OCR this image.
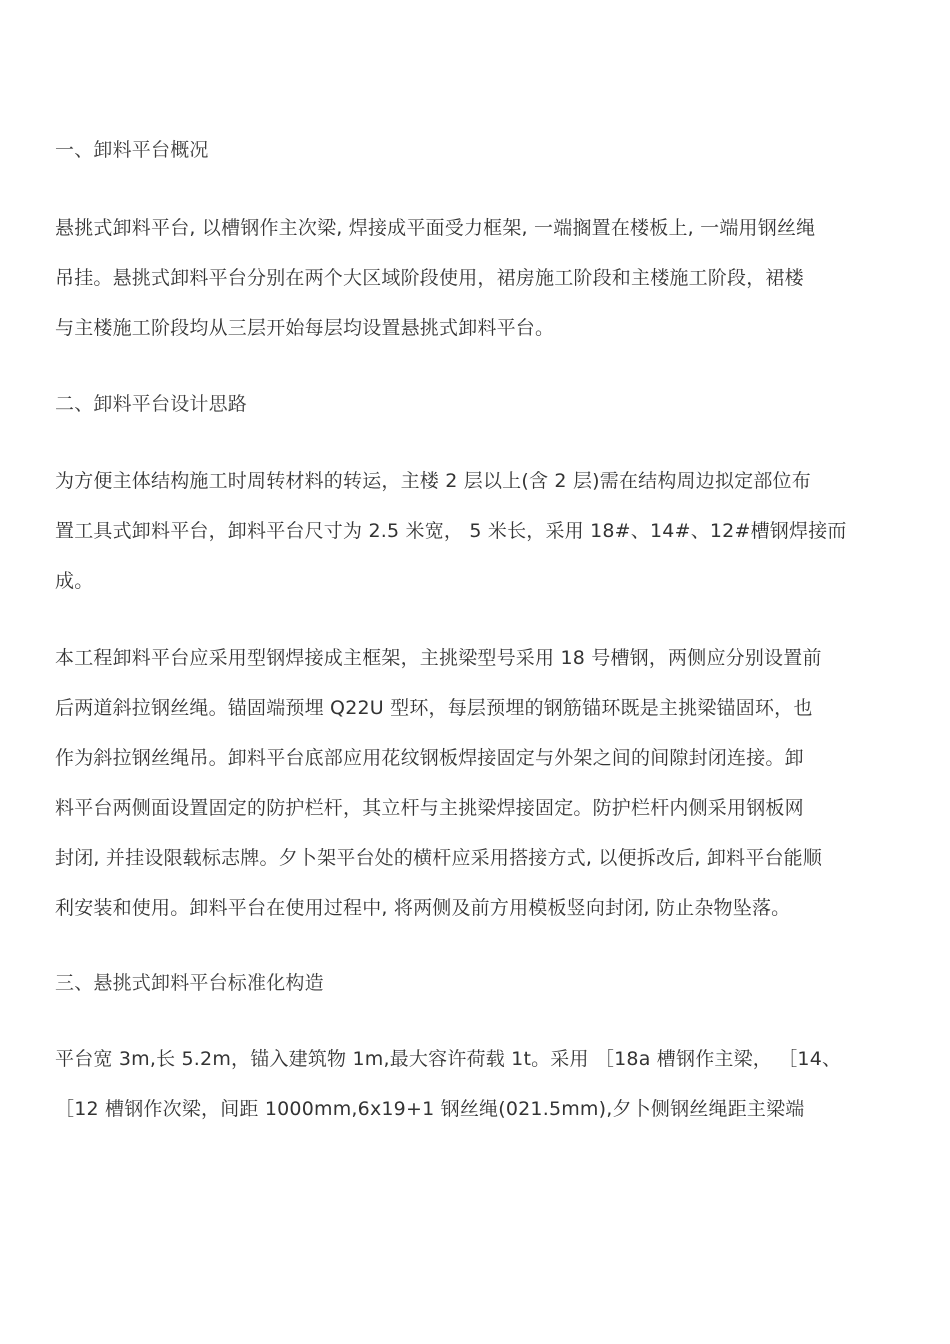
一、卸料平台概况
悬挑式卸料平台, 以槽钢作主次梁, 焊接成平面受力框架, 一端搁置在楼板上, 一端用钢丝绳
吊挂。悬挑式卸料平台分别在两个大区域阶段使用，裙房施工阶段和主楼施工阶段，裙楼
与主楼施工阶段均从三层开始每层均设置悬挑式卸料平台。
二、卸料平台设计思路
为方便主体结构施工时周转材料的转运，主楼 2 层以上(含 2 层)需在结构周边拟定部位布
置工具式卸料平台，卸料平台尺寸为 2.5 米宽， 5 米长，采用 18#、14#、12#槽钢焊接而
成。
本工程卸料平台应采用型钢焊接成主框架，主挑梁型号采用 18 号槽钢，两侧应分别设置前
后两道斜拉钢丝绳。锚固端预埋 Q22U 型环，每层预埋的钢筋锚环既是主挑梁锚固环，也
作为斜拉钢丝绳吊。卸料平台底部应用花纹钢板焊接固定与外架之间的间隙封闭连接。卸
料平台两侧面设置固定的防护栏杆，其立杆与主挑梁焊接固定。防护栏杆内侧采用钢板网
封闭, 并挂设限载标志牌。夕卜架平台处的横杆应采用搭接方式, 以便拆改后, 卸料平台能顺
利安装和使用。卸料平台在使用过程中, 将两侧及前方用模板竖向封闭, 防止杂物坠落。
三、悬挑式卸料平台标准化构造
平台宽 3m,长 5.2m，锚入建筑物 1m,最大容许荷载 1t。采用 ［18a 槽钢作主梁， ［14、
［12 槽钢作次梁，间距 1000mm,6x19+1 钢丝绳(021.5mm),夕卜侧钢丝绳距主梁端
